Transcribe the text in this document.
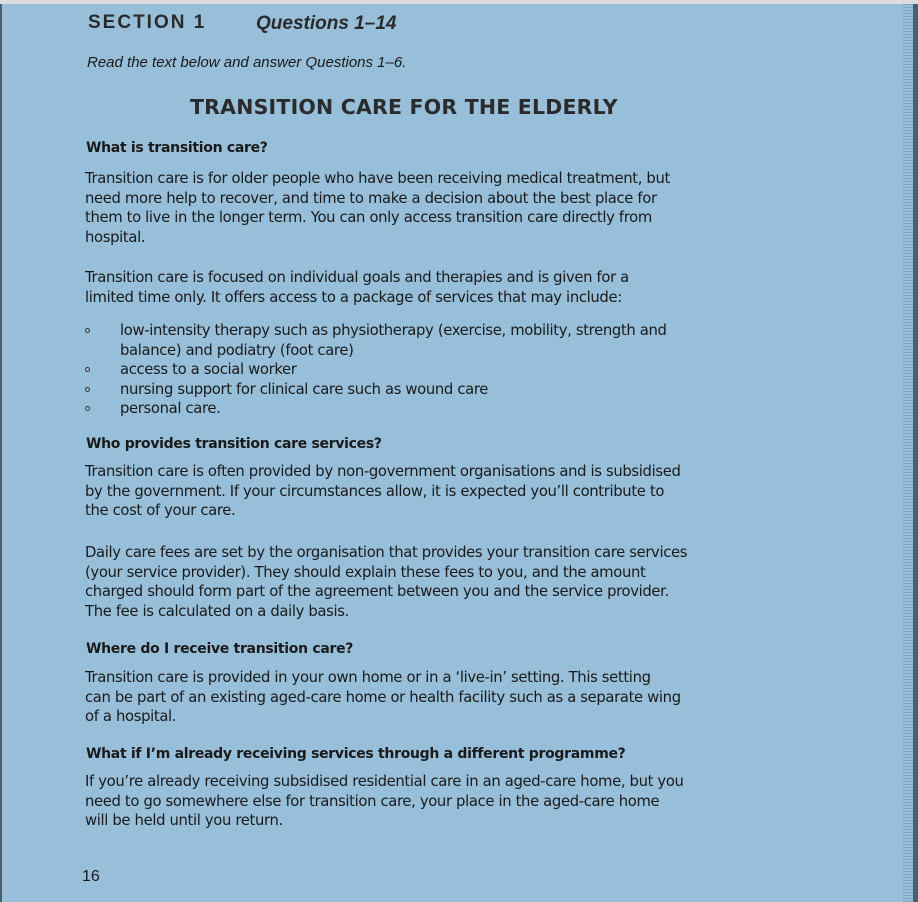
SECTION 1	Questions 1–14
Read the text below and answer Questions 1–6.
TRANSITION CARE FOR THE ELDERLY
What is transition care?
Transition care is for older people who have been receiving medical treatment, but
need more help to recover, and time to make a decision about the best place for
them to live in the longer term. You can only access transition care directly from
hospital.
Transition care is focused on individual goals and therapies and is given for a
limited time only. It offers access to a package of services that may include:
low-intensity therapy such as physiotherapy (exercise, mobility, strength and
balance) and podiatry (foot care)
access to a social worker
nursing support for clinical care such as wound care
personal care.
Who provides transition care services?
Transition care is often provided by non-government organisations and is subsidised
by the government. If your circumstances allow, it is expected you’ll contribute to
the cost of your care.
Daily care fees are set by the organisation that provides your transition care services
(your service provider). They should explain these fees to you, and the amount
charged should form part of the agreement between you and the service provider.
The fee is calculated on a daily basis.
Where do I receive transition care?
Transition care is provided in your own home or in a ‘live-in’ setting. This setting
can be part of an existing aged-care home or health facility such as a separate wing
of a hospital.
What if I’m already receiving services through a different programme?
If you’re already receiving subsidised residential care in an aged-care home, but you
need to go somewhere else for transition care, your place in the aged-care home
will be held until you return.
16
